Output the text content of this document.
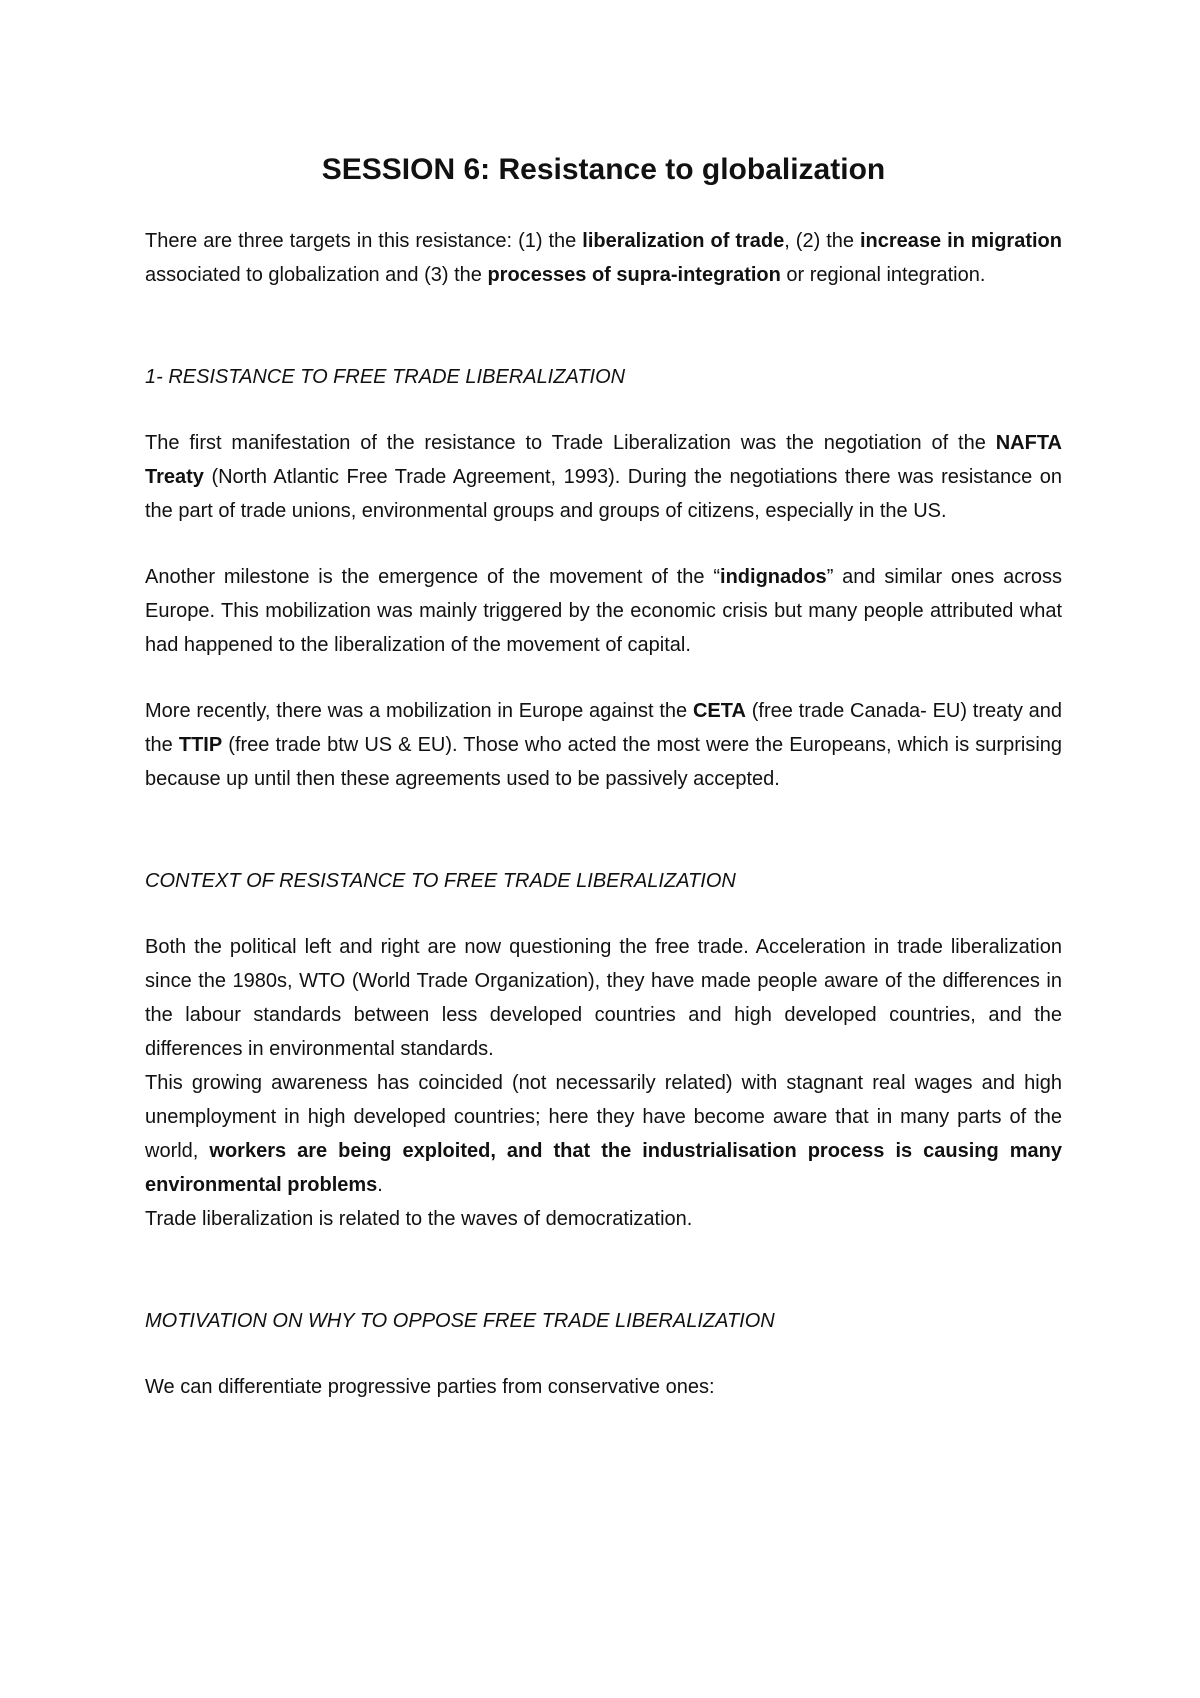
SESSION 6: Resistance to globalization

There are three targets in this resistance: (1) the liberalization of trade, (2) the increase in migration associated to globalization and (3) the processes of supra-integration or regional integration.

1- RESISTANCE TO FREE TRADE LIBERALIZATION

The first manifestation of the resistance to Trade Liberalization was the negotiation of the NAFTA Treaty (North Atlantic Free Trade Agreement, 1993). During the negotiations there was resistance on the part of trade unions, environmental groups and groups of citizens, especially in the US.

Another milestone is the emergence of the movement of the “indignados” and similar ones across Europe. This mobilization was mainly triggered by the economic crisis but many people attributed what had happened to the liberalization of the movement of capital.

More recently, there was a mobilization in Europe against the CETA (free trade Canada- EU) treaty and the TTIP (free trade btw US & EU). Those who acted the most were the Europeans, which is surprising because up until then these agreements used to be passively accepted.

CONTEXT OF RESISTANCE TO FREE TRADE LIBERALIZATION

Both the political left and right are now questioning the free trade. Acceleration in trade liberalization since the 1980s, WTO (World Trade Organization), they have made people aware of the differences in the labour standards between less developed countries and high developed countries, and the differences in environmental standards.

This growing awareness has coincided (not necessarily related) with stagnant real wages and high unemployment in high developed countries; here they have become aware that in many parts of the world, workers are being exploited, and that the industrialisation process is causing many environmental problems.

Trade liberalization is related to the waves of democratization.

MOTIVATION ON WHY TO OPPOSE FREE TRADE LIBERALIZATION

We can differentiate progressive parties from conservative ones:
